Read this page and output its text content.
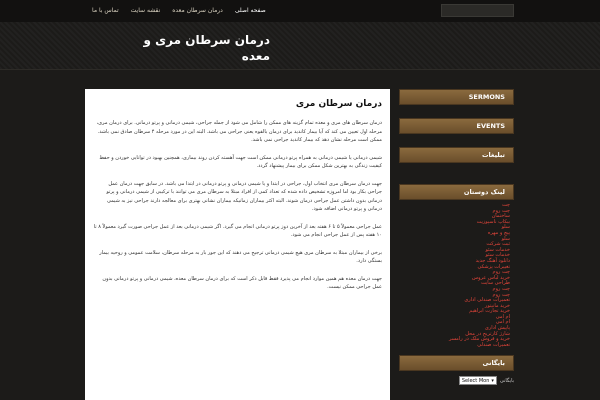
تماس با ما	نقشه سایت	درمان سرطان معده	صفحه اصلی
درمان سرطان مری و معده
درمان سرطان مری

درمان سرطان های مری و معده تمام گزینه های ممکن را شامل می شود از جمله جراحی، شیمی درمانی و پرتو درمانی. برای درمان مری، مرحله اول تعیین می کند که آیا بیمار کاندید برای درمان بالقوه یعنی جراحی می باشد. البته این در مورد مرحله ۴ سرطان صادق نمی باشد. ممکن است مرحله نشان دهد که بیمار کاندید جراحی نمی باشد.

شیمی درمانی یا شیمی درمانی به همراه پرتو درمانی ممکن است جهت آهسته کردن روند بیماری، همچنین بهبود در توانایی خوردن و حفظ کیفیت زندگی به بهترین شکل ممکن برای بیمار پیشنهاد گردد.

جهت درمان سرطان مری انتخاب اول، جراحی در ابتدا و یا شیمی درمانی و پرتو درمانی در ابتدا می باشد. در سابق جهت درمان عمل جراحی بکار بود اما امروزه تشخیص داده شده که تعداد کمی از افراد مبتلا به سرطان مری می توانند با ترکیبی از شیمی درمانی و پرتو درمانی بدون داشتن عمل جراحی درمان شوند. البته اکثر بیماران زمانیکه بیماران نشانی بهتری برای معالجه دارند جراحی نیز به شیمی درمانی و پرتو درمانی اضافه شود.

عمل جراحی معمولاً ۵ تا ۶ هفته بعد از آخرین دوز پرتو درمانی انجام می گیرد. اگر شیمی درمانی بعد از عمل جراحی صورت گیرد معمولاً ۸ تا ۱۰ هفته پس از عمل جراحی انجام می شود.

برخی از بیماران مبتلا به سرطان مری هیچ شیمی درمانی ترجیح می دهند که این جور بار به مرحله سرطان، سلامت عمومی و روحیه بیمار بستگی دارد.

جهت درمان معده هم همین موارد انجام می پذیرد فقط قابل ذکر است که برای درمان سرطان معده، شیمی درمانی و پرتو درمانی بدون عمل جراحی ممکن نیست.

SERMONS
EVENTS
تبلیغات
لینک دوستان
چت
چت روم
ساختمان
بیکاپ ناسپوزیت
سلو
پیچ و مهره
سلو
ثبت شرکت
خدمات سئو
خدمات سئو
دانلود آهنگ جدید
تغییرات پزشکی
چت روم
خرید لباس عروس
طراحی سایت
چت روم
چت روم
تعمیرات صندلی اداری
خرید مانیتور
خرید تجارت ابراهیم
ام امی
ام امی
پاپیش اداری
شارژ کارتریج در محل
خرید و فروش ملک در رامسر
تعمیرات صندلی
بایگانی
Select Mon ▾ بایگانی
